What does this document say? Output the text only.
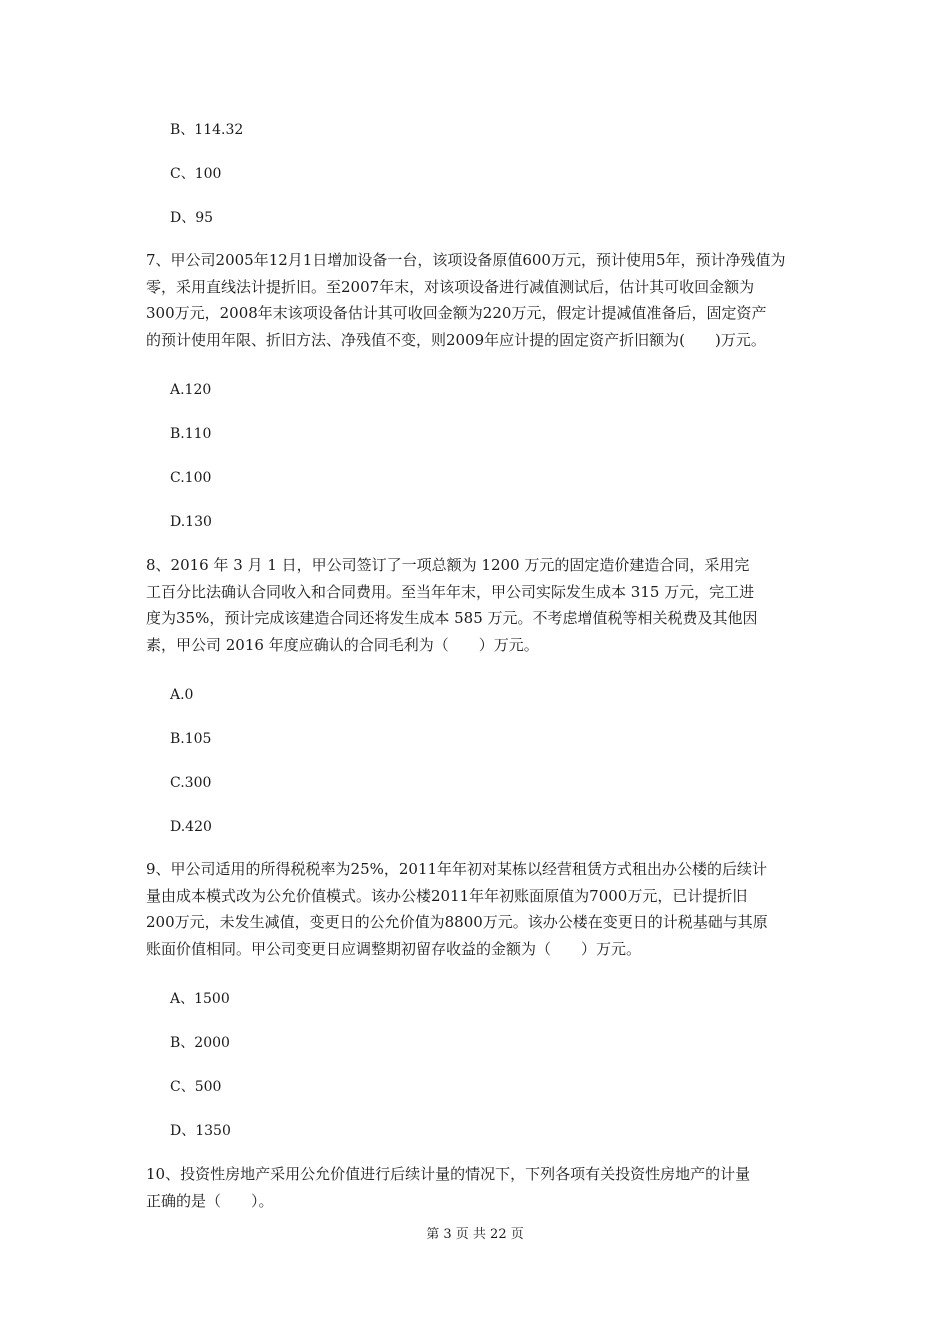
B、114.32
C、100
D、95
7、甲公司2005年12月1日增加设备一台，该项设备原值600万元，预计使用5年，预计净残值为
零，采用直线法计提折旧。至2007年末，对该项设备进行减值测试后，估计其可收回金额为
300万元，2008年末该项设备估计其可收回金额为220万元，假定计提减值准备后，固定资产
的预计使用年限、折旧方法、净残值不变，则2009年应计提的固定资产折旧额为(　　)万元。
A.120
B.110
C.100
D.130
8、2016 年 3 月 1 日，甲公司签订了一项总额为 1200 万元的固定造价建造合同，采用完
工百分比法确认合同收入和合同费用。至当年年末，甲公司实际发生成本 315 万元，完工进
度为35%，预计完成该建造合同还将发生成本 585 万元。不考虑增值税等相关税费及其他因
素，甲公司 2016 年度应确认的合同毛利为（　　）万元。
A.0
B.105
C.300
D.420
9、甲公司适用的所得税税率为25%，2011年年初对某栋以经营租赁方式租出办公楼的后续计
量由成本模式改为公允价值模式。该办公楼2011年年初账面原值为7000万元，已计提折旧
200万元，未发生减值，变更日的公允价值为8800万元。该办公楼在变更日的计税基础与其原
账面价值相同。甲公司变更日应调整期初留存收益的金额为（　　）万元。
A、1500
B、2000
C、500
D、1350
10、投资性房地产采用公允价值进行后续计量的情况下，下列各项有关投资性房地产的计量
正确的是（　　）。
第 3 页 共 22 页
